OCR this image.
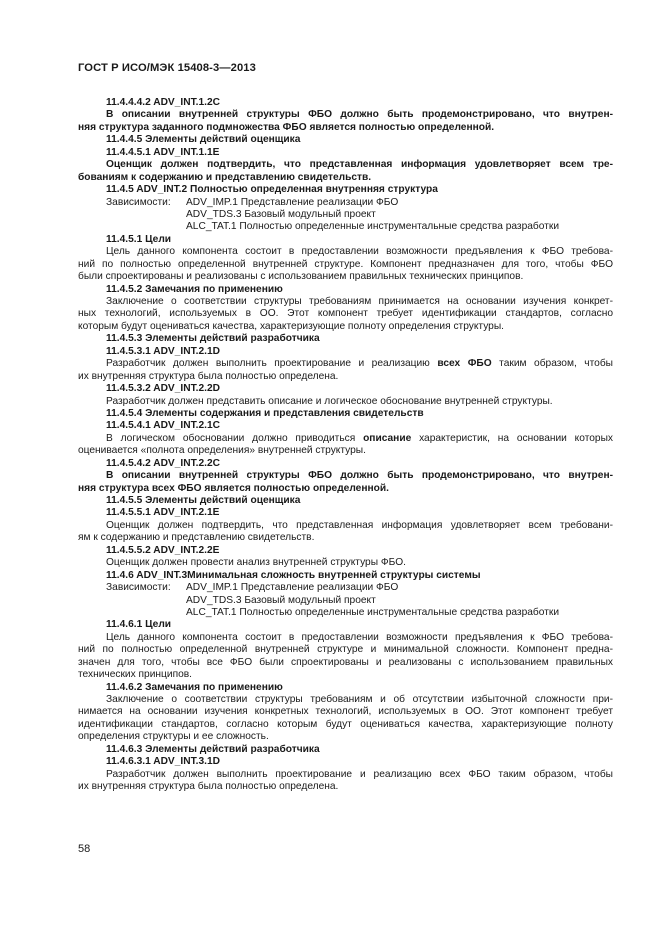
ГОСТ Р ИСО/МЭК 15408-3—2013
11.4.4.4.2 ADV_INT.1.2C
В описании внутренней структуры ФБО должно быть продемонстрировано, что внутрен-
няя структура заданного подмножества ФБО является полностью определенной.
11.4.4.5 Элементы действий оценщика
11.4.4.5.1 ADV_INT.1.1E
Оценщик должен подтвердить, что представленная информация удовлетворяет всем тре-
бованиям к содержанию и представлению свидетельств.
11.4.5 ADV_INT.2 Полностью определенная внутренняя структура
Зависимости:	ADV_IMP.1 Представление реализации ФБО
ADV_TDS.3 Базовый модульный проект
ALC_TAT.1 Полностью определенные инструментальные средства разработки
11.4.5.1 Цели
Цель данного компонента состоит в предоставлении возможности предъявления к ФБО требова-
ний по полностью определенной внутренней структуре. Компонент предназначен для того, чтобы ФБО
были спроектированы и реализованы с использованием правильных технических принципов.
11.4.5.2 Замечания по применению
Заключение о соответствии структуры требованиям принимается на основании изучения конкрет-
ных технологий, используемых в ОО. Этот компонент требует идентификации стандартов, согласно
которым будут оцениваться качества, характеризующие полноту определения структуры.
11.4.5.3 Элементы действий разработчика
11.4.5.3.1 ADV_INT.2.1D
Разработчик должен выполнить проектирование и реализацию всех ФБО таким образом, чтобы
их внутренняя структура была полностью определена.
11.4.5.3.2 ADV_INT.2.2D
Разработчик должен представить описание и логическое обоснование внутренней структуры.
11.4.5.4 Элементы содержания и представления свидетельств
11.4.5.4.1 ADV_INT.2.1C
В логическом обосновании должно приводиться описание характеристик, на основании которых
оценивается «полнота определения» внутренней структуры.
11.4.5.4.2 ADV_INT.2.2C
В описании внутренней структуры ФБО должно быть продемонстрировано, что внутрен-
няя структура всех ФБО является полностью определенной.
11.4.5.5 Элементы действий оценщика
11.4.5.5.1 ADV_INT.2.1E
Оценщик должен подтвердить, что представленная информация удовлетворяет всем требовани-
ям к содержанию и представлению свидетельств.
11.4.5.5.2 ADV_INT.2.2E
Оценщик должен провести анализ внутренней структуры ФБО.
11.4.6 ADV_INT.3Минимальная сложность внутренней структуры системы
Зависимости:	ADV_IMP.1 Представление реализации ФБО
ADV_TDS.3 Базовый модульный проект
ALC_TAT.1 Полностью определенные инструментальные средства разработки
11.4.6.1 Цели
Цель данного компонента состоит в предоставлении возможности предъявления к ФБО требова-
ний по полностью определенной внутренней структуре и минимальной сложности. Компонент предна-
значен для того, чтобы все ФБО были спроектированы и реализованы с использованием правильных
технических принципов.
11.4.6.2 Замечания по применению
Заключение о соответствии структуры требованиям и об отсутствии избыточной сложности при-
нимается на основании изучения конкретных технологий, используемых в ОО. Этот компонент требует
идентификации стандартов, согласно которым будут оцениваться качества, характеризующие полноту
определения структуры и ее сложность.
11.4.6.3 Элементы действий разработчика
11.4.6.3.1 ADV_INT.3.1D
Разработчик должен выполнить проектирование и реализацию всех ФБО таким образом, чтобы
их внутренняя структура была полностью определена.
58
